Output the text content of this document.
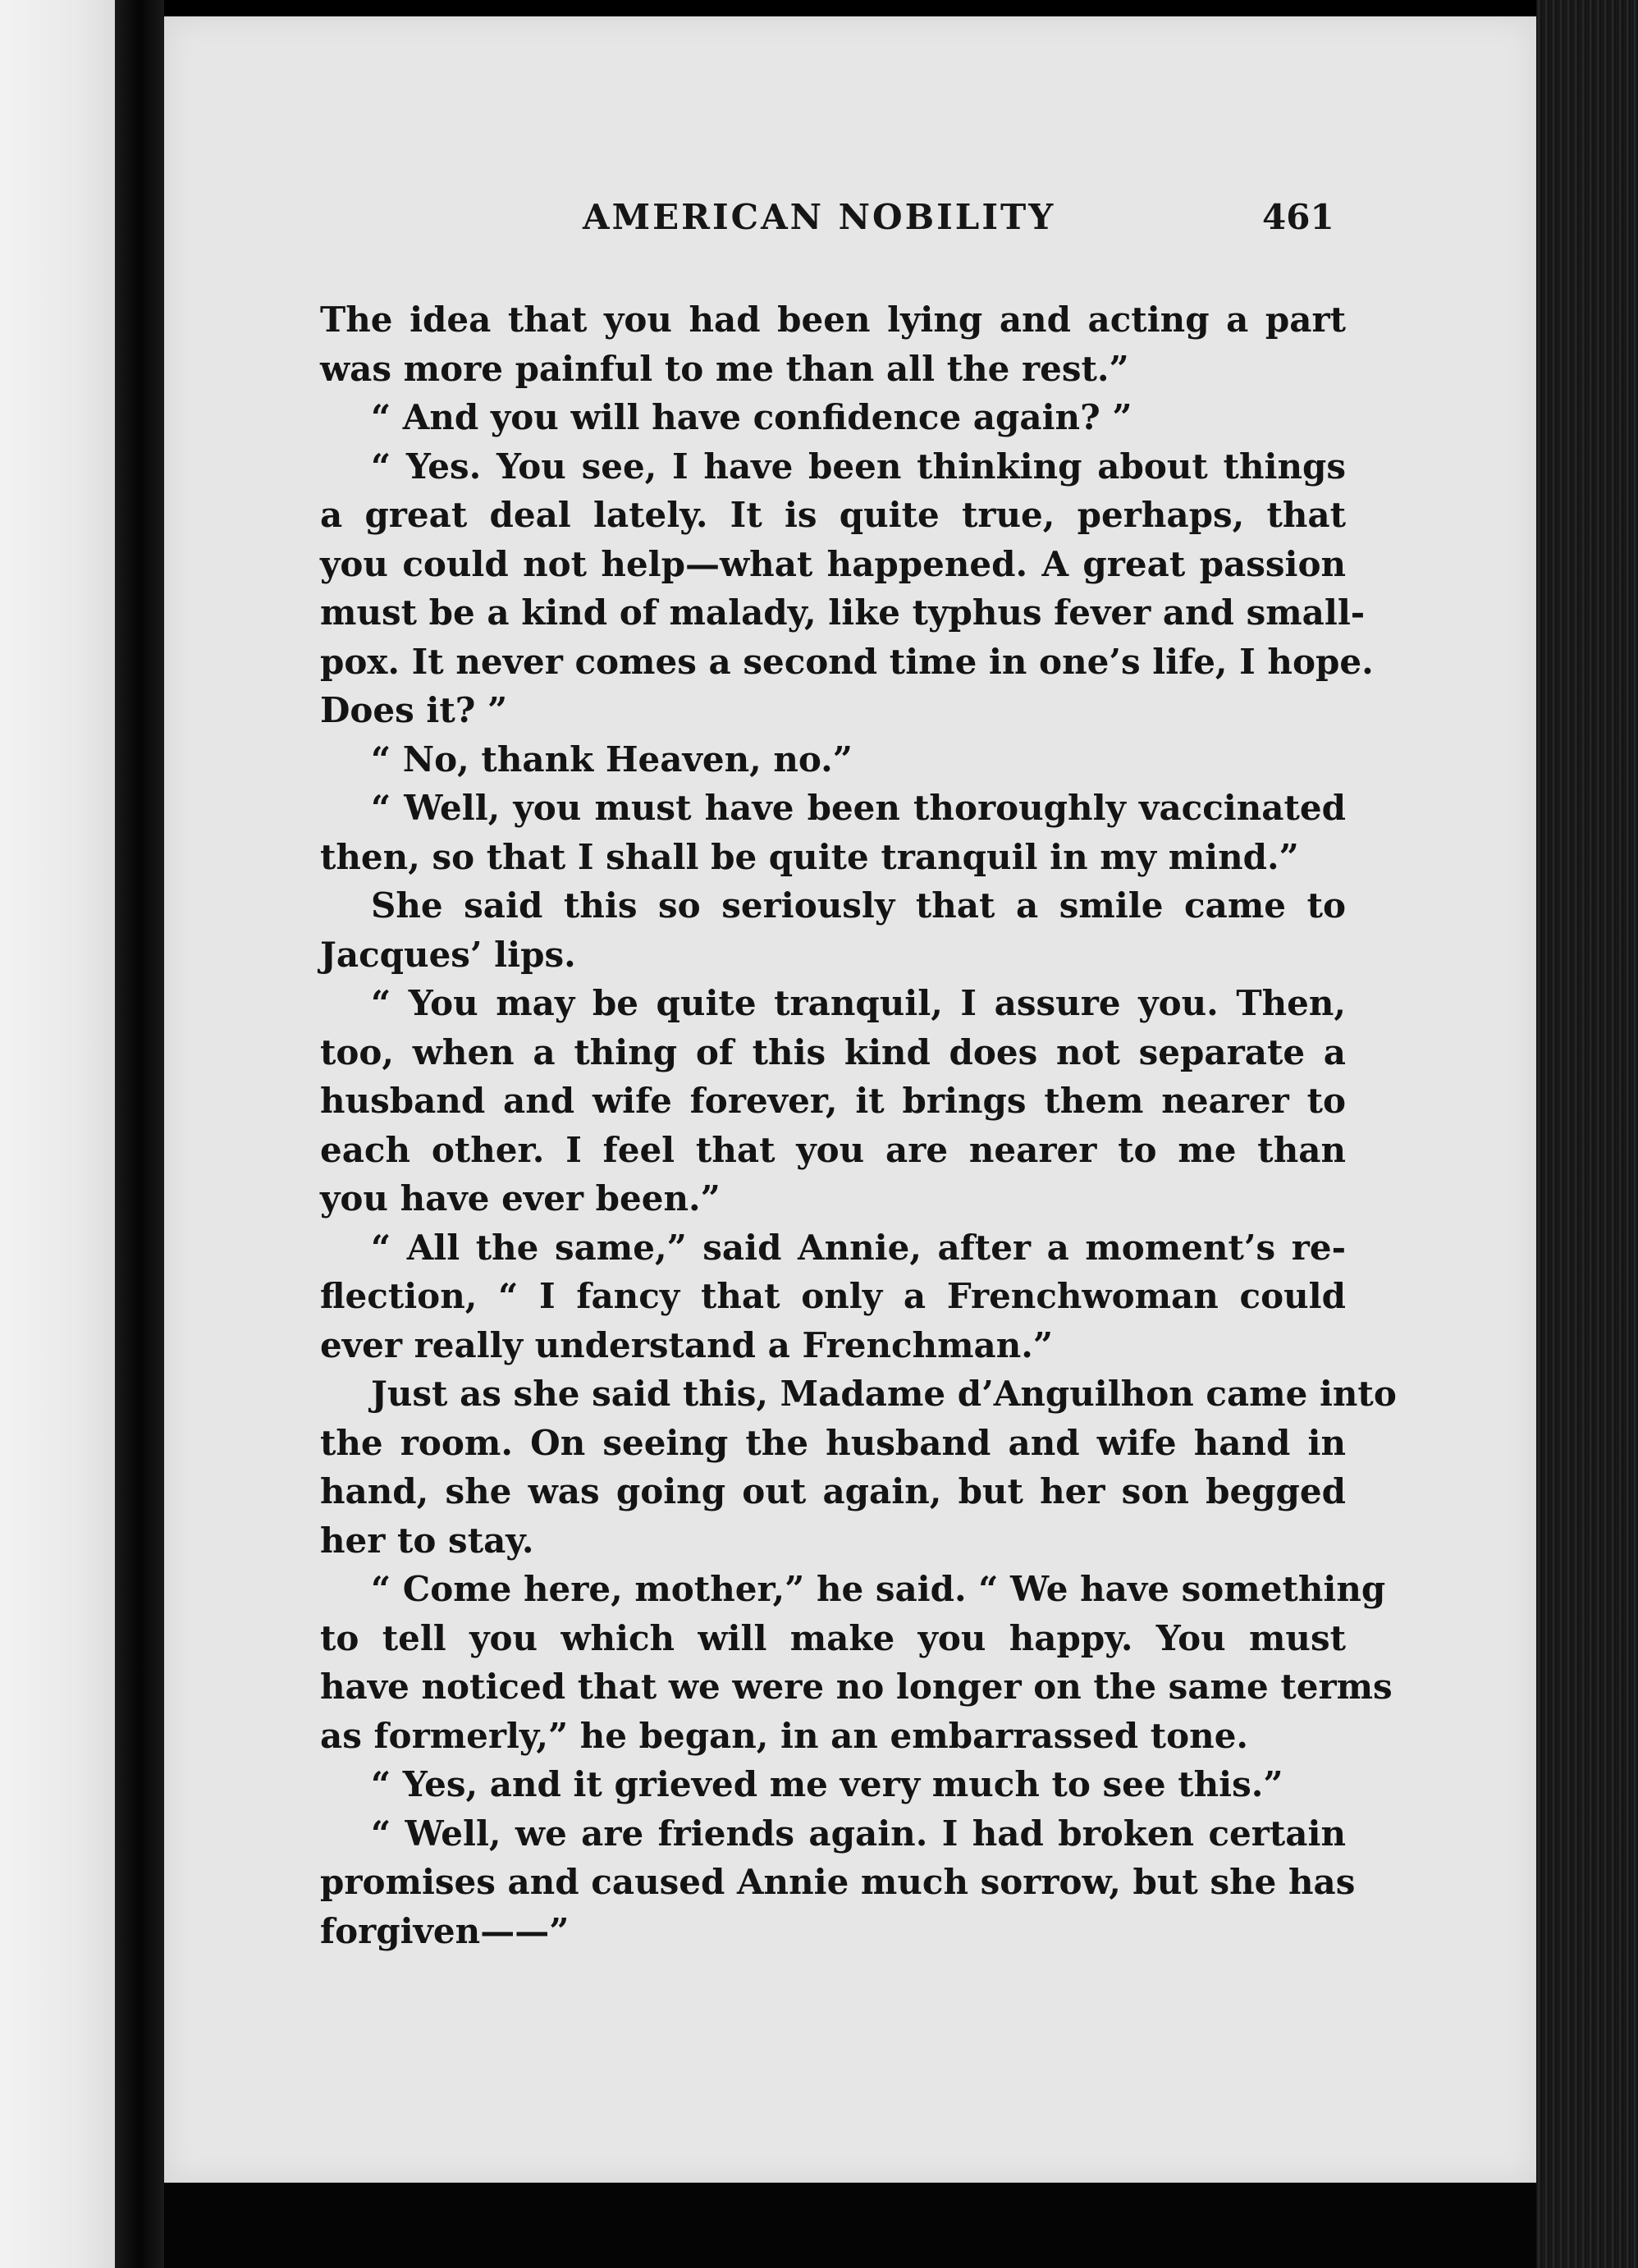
AMERICAN NOBILITY	461
The idea that you had been lying and acting a part
was more painful to me than all the rest.”
“ And you will have confidence again? ”
“ Yes. You see, I have been thinking about things
a great deal lately. It is quite true, perhaps, that
you could not help—what happened. A great passion
must be a kind of malady, like typhus fever and small-
pox. It never comes a second time in one’s life, I hope.
Does it? ”
“ No, thank Heaven, no.”
“ Well, you must have been thoroughly vaccinated
then, so that I shall be quite tranquil in my mind.”
She said this so seriously that a smile came to
Jacques’ lips.
“ You may be quite tranquil, I assure you. Then,
too, when a thing of this kind does not separate a
husband and wife forever, it brings them nearer to
each other. I feel that you are nearer to me than
you have ever been.”
“ All the same,” said Annie, after a moment’s re-
flection, “ I fancy that only a Frenchwoman could
ever really understand a Frenchman.”
Just as she said this, Madame d’Anguilhon came into
the room. On seeing the husband and wife hand in
hand, she was going out again, but her son begged
her to stay.
“ Come here, mother,” he said. “ We have something
to tell you which will make you happy. You must
have noticed that we were no longer on the same terms
as formerly,” he began, in an embarrassed tone.
“ Yes, and it grieved me very much to see this.”
“ Well, we are friends again. I had broken certain
promises and caused Annie much sorrow, but she has
forgiven——”
